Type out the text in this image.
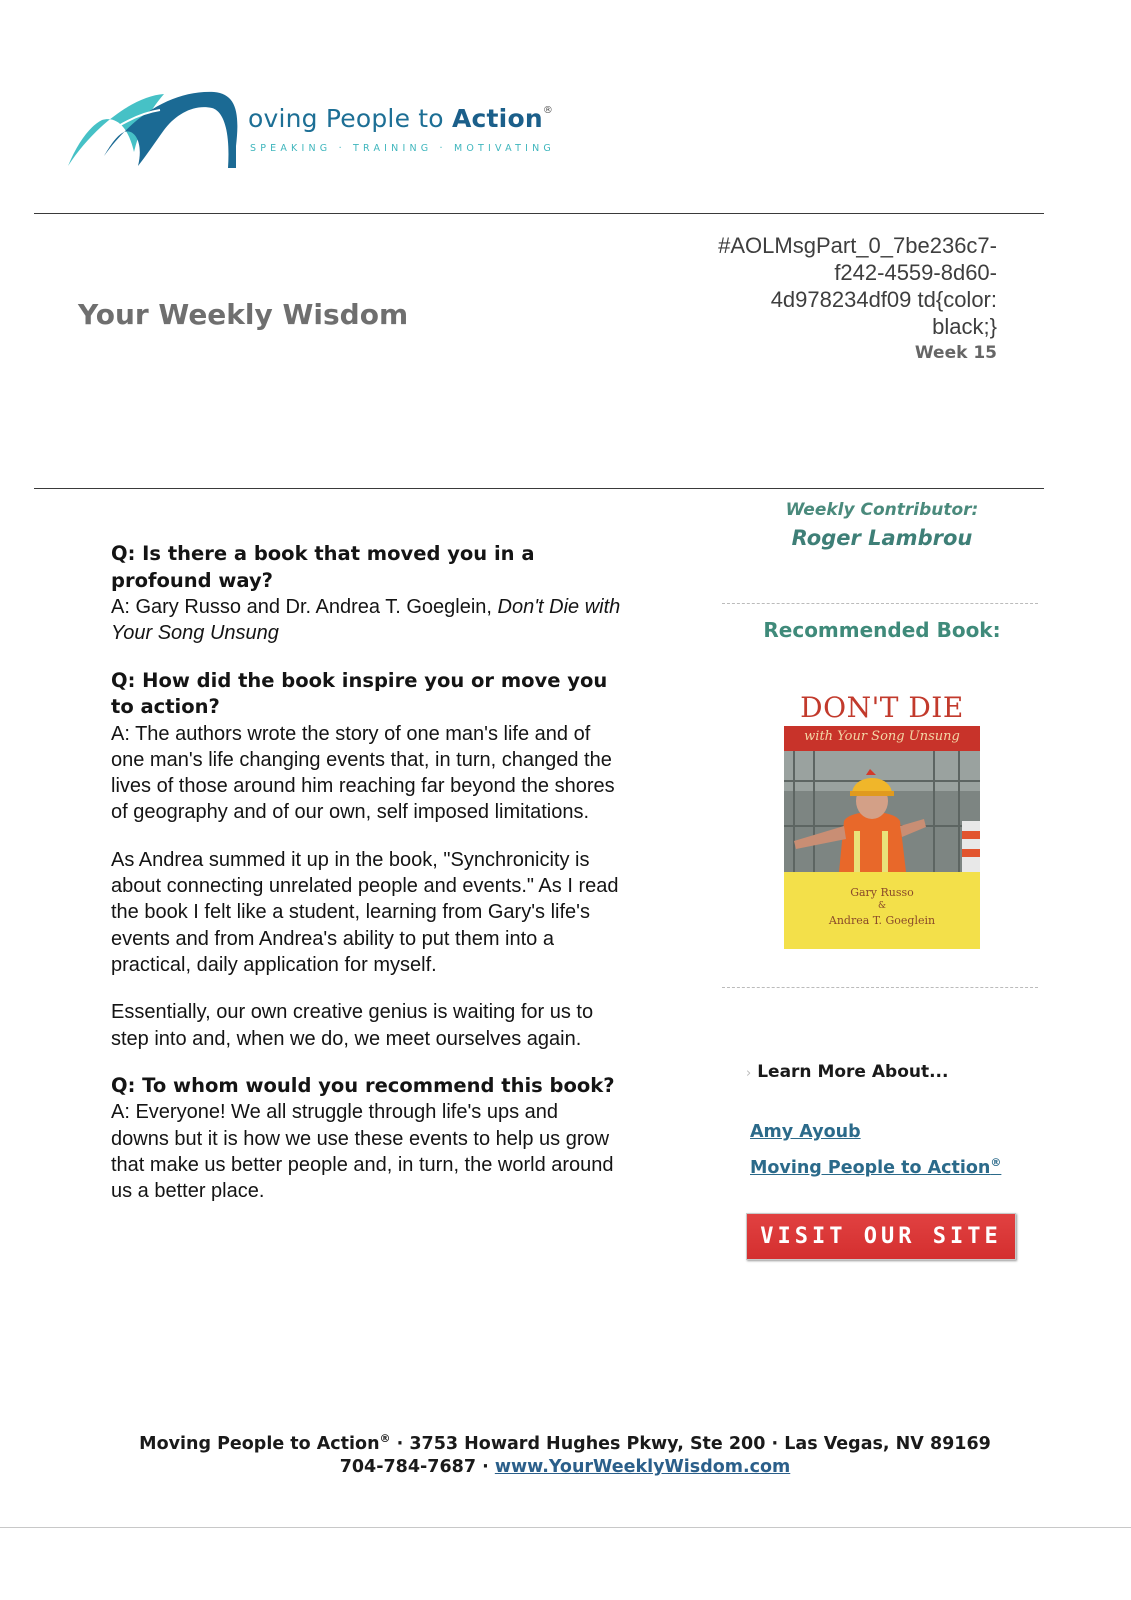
oving People to Action®
SPEAKING · TRAINING · MOTIVATING
Your Weekly Wisdom
#AOLMsgPart_0_7be236c7-
f242-4559-8d60-
4d978234df09 td{color:
black;}
Week 15

Q: Is there a book that moved you in a profound way?

A: Gary Russo and Dr. Andrea T. Goeglein, Don't Die with Your Song Unsung

Q: How did the book inspire you or move you to action?

A: The authors wrote the story of one man's life and of one man's life changing events that, in turn, changed the lives of those around him reaching far beyond the shores of geography and of our own, self imposed limitations.

As Andrea summed it up in the book, "Synchronicity is about connecting unrelated people and events." As I read the book I felt like a student, learning from Gary's life's events and from Andrea's ability to put them into a practical, daily application for myself.

Essentially, our own creative genius is waiting for us to step into and, when we do, we meet ourselves again.

Q: To whom would you recommend this book?

A: Everyone! We all struggle through life's ups and downs but it is how we use these events to help us grow that make us better people and, in turn, the world around us a better place.

Weekly Contributor:
Roger Lambrou
Recommended Book:
DON'T DIE
with Your Song Unsung
Gary Russo
&
Andrea T. Goeglein
› Learn More About...
Amy Ayoub
Moving People to Action®
VISIT OUR SITE
Moving People to Action® · 3753 Howard Hughes Pkwy, Ste 200 · Las Vegas, NV 89169
704-784-7687 · www.YourWeeklyWisdom.com
